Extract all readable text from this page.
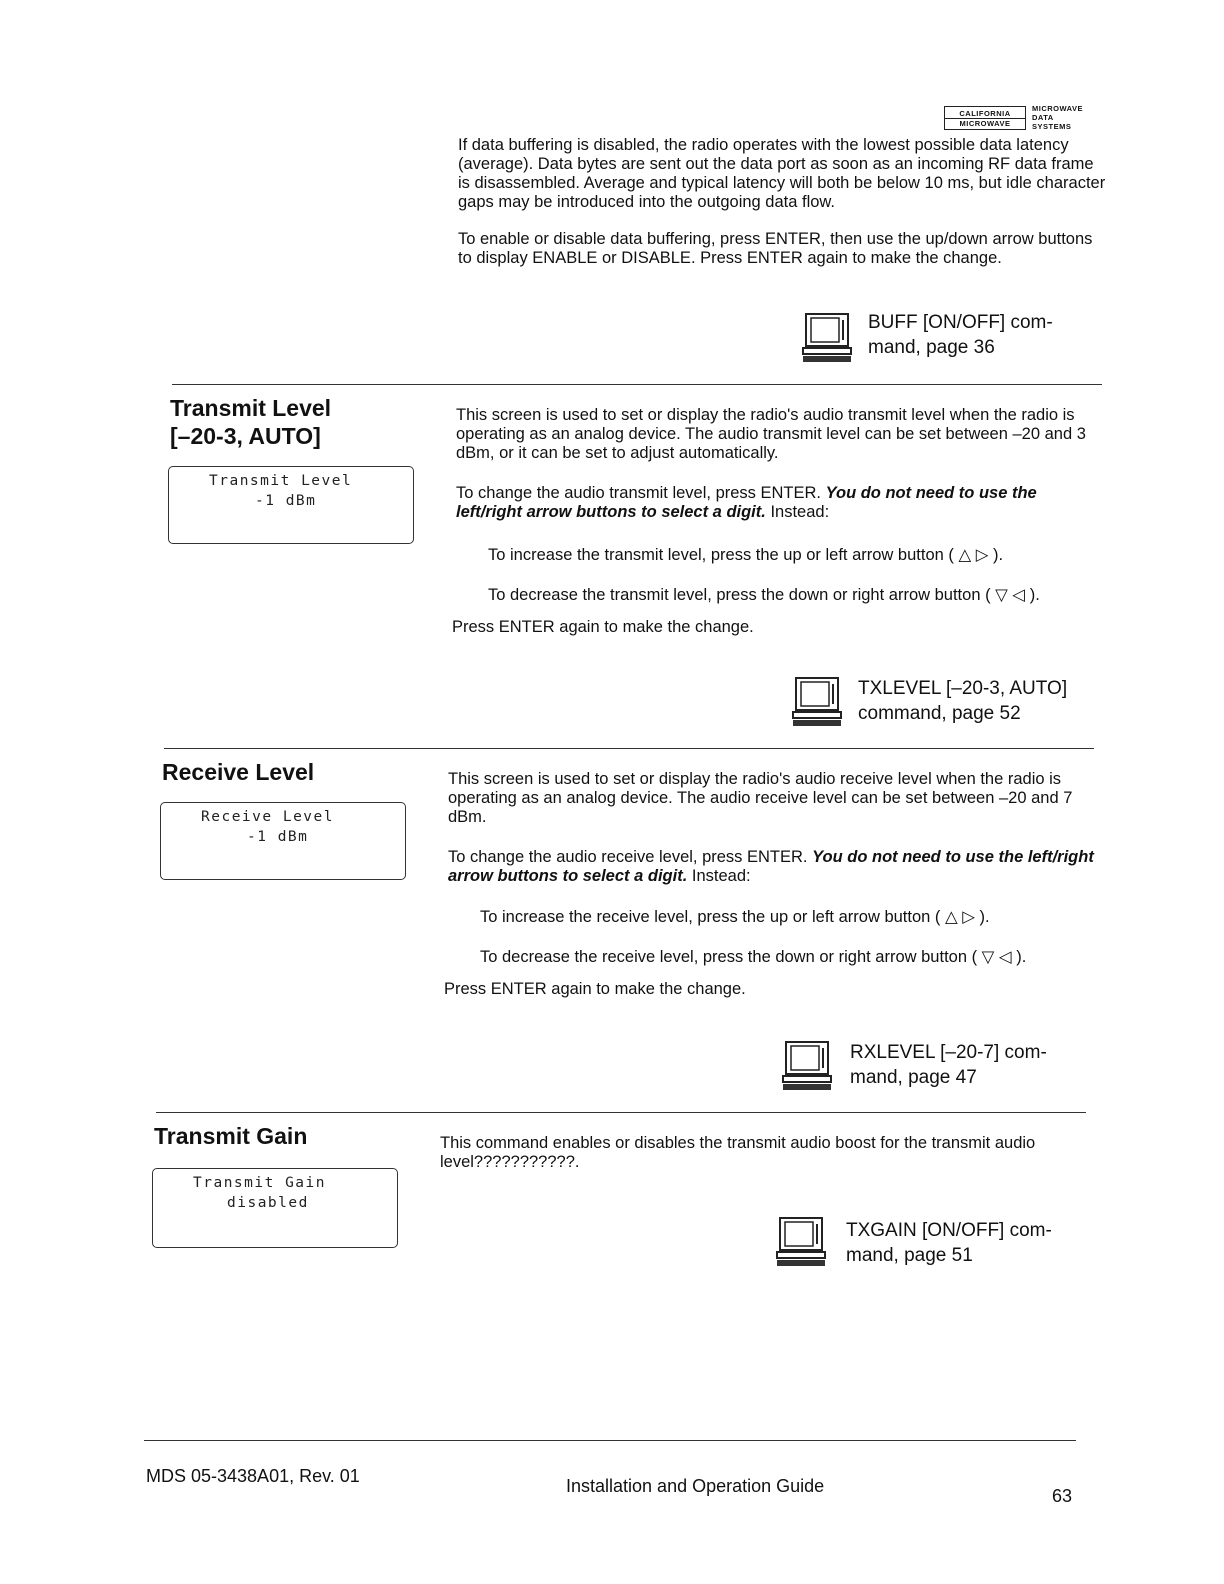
CALIFORNIA
MICROWAVE
MICROWAVE
DATA
SYSTEMS
If data buffering is disabled, the radio operates with the lowest possible data latency (average). Data bytes are sent out the data port as soon as an incoming RF data frame is disassembled. Average and typical latency will both be below 10 ms, but idle character gaps may be introduced into the outgoing data flow.
To enable or disable data buffering, press ENTER, then use the up/down arrow buttons to display ENABLE or DISABLE. Press ENTER again to make the change.
BUFF [ON/OFF] com-
mand, page 36
Transmit Level
[–20-3, AUTO]
Transmit Level
-1 dBm
This screen is used to set or display the radio's audio transmit level when the radio is operating as an analog device. The audio transmit level can be set between –20 and 3 dBm, or it can be set to adjust automatically.
To change the audio transmit level, press ENTER. You do not need to use the left/right arrow buttons to select a digit. Instead:
To increase the transmit level, press the up or left arrow button ( △ ▷ ).
To decrease the transmit level, press the down or right arrow button ( ▽ ◁ ).
Press ENTER again to make the change.
TXLEVEL [–20-3, AUTO]
command, page 52
Receive Level
Receive Level
-1 dBm
This screen is used to set or display the radio's audio receive level when the radio is operating as an analog device. The audio receive level can be set between –20 and 7 dBm.
To change the audio receive level, press ENTER. You do not need to use the left/right arrow buttons to select a digit. Instead:
To increase the receive level, press the up or left arrow button ( △ ▷ ).
To decrease the receive level, press the down or right arrow button ( ▽ ◁ ).
Press ENTER again to make the change.
RXLEVEL [–20-7] com-
mand, page 47
Transmit Gain
Transmit Gain
disabled
This command enables or disables the transmit audio boost for the transmit audio level???????????.
TXGAIN [ON/OFF] com-
mand, page 51
MDS 05-3438A01, Rev. 01	Installation and Operation Guide	63
